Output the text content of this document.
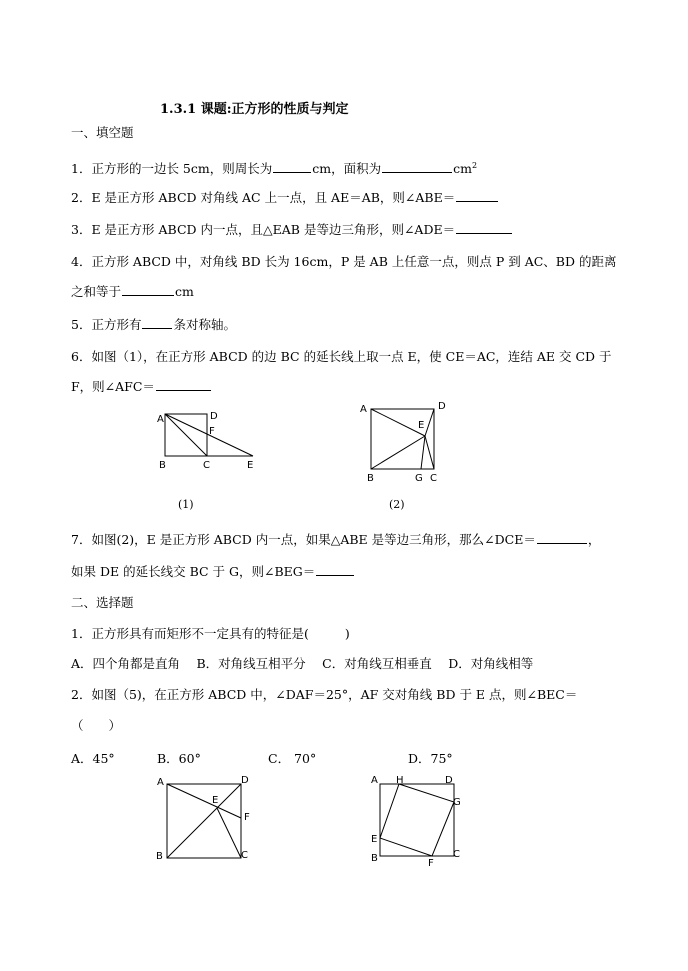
1.3.1 课题:正方形的性质与判定
一、填空题
1．正方形的一边长 5cm，则周长为	cm，面积为	$cm^2$
2．E 是正方形 ABCD 对角线 AC 上一点，且 AE＝AB，则∠ABE＝
3．E 是正方形 ABCD 内一点，且△EAB 是等边三角形，则∠ADE＝
4．正方形 ABCD 中，对角线 BD 长为 16cm，P 是 AB 上任意一点，则点 P 到 AC、BD 的距离
之和等于	cm
5．正方形有	条对称轴。
6．如图（1），在正方形 ABCD 的边 BC 的延长线上取一点 E，使 CE＝AC，连结 AE 交 CD 于
F，则∠AFC＝
A	D
F
B	C	E
(1)
A	D
E
B	G C
(2)
7．如图(2)，E 是正方形 ABCD 内一点，如果△ABE 是等边三角形，那么∠DCE＝	，
如果 DE 的延长线交 BC 于 G，则∠BEG＝
二、选择题
1．正方形具有而矩形不一定具有的特征是(	)
A．四个角都是直角　 B．对角线互相平分　 C．对角线互相垂直　 D．对角线相等
2．如图（5)，在正方形 ABCD 中，∠DAF＝25°，AF 交对角线 BD 于 E 点，则∠BEC＝
（　　）
A．45°	B．60°	C． 70°	D．75°
A	D
E
F
B	C
A H	D
G
E
B	F
C
